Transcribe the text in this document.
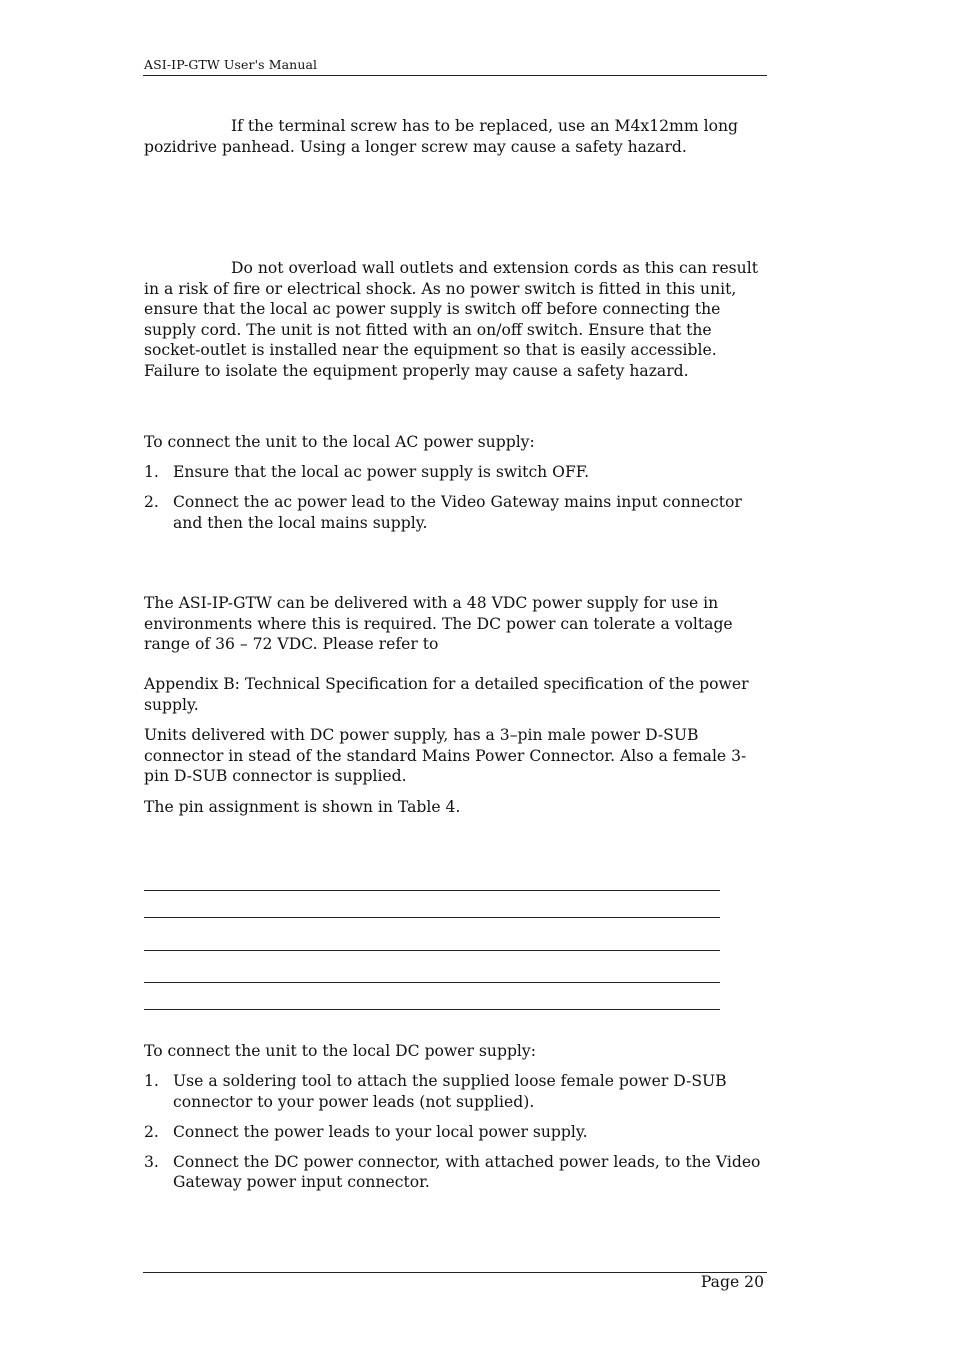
ASI-IP-GTW User's Manual

If the terminal screw has to be replaced, use an M4x12mm long pozidrive panhead. Using a longer screw may cause a safety hazard.

Do not overload wall outlets and extension cords as this can result in a risk of fire or electrical shock. As no power switch is fitted in this unit, ensure that the local ac power supply is switch off before connecting the supply cord. The unit is not fitted with an on/off switch. Ensure that the socket-outlet is installed near the equipment so that is easily accessible. Failure to isolate the equipment properly may cause a safety hazard.

To connect the unit to the local AC power supply:

1. Ensure that the local ac power supply is switch OFF.
2. Connect the ac power lead to the Video Gateway mains input connector and then the local mains supply.

The ASI-IP-GTW can be delivered with a 48 VDC power supply for use in environments where this is required. The DC power can tolerate a voltage range of 36 – 72 VDC. Please refer to

Appendix B: Technical Specification for a detailed specification of the power supply.

Units delivered with DC power supply, has a 3–pin male power D-SUB connector in stead of the standard Mains Power Connector. Also a female 3-pin D-SUB connector is supplied.

The pin assignment is shown in Table 4.

To connect the unit to the local DC power supply:

1. Use a soldering tool to attach the supplied loose female power D-SUB connector to your power leads (not supplied).
2. Connect the power leads to your local power supply.
3. Connect the DC power connector, with attached power leads, to the Video Gateway power input connector.
Page 20
